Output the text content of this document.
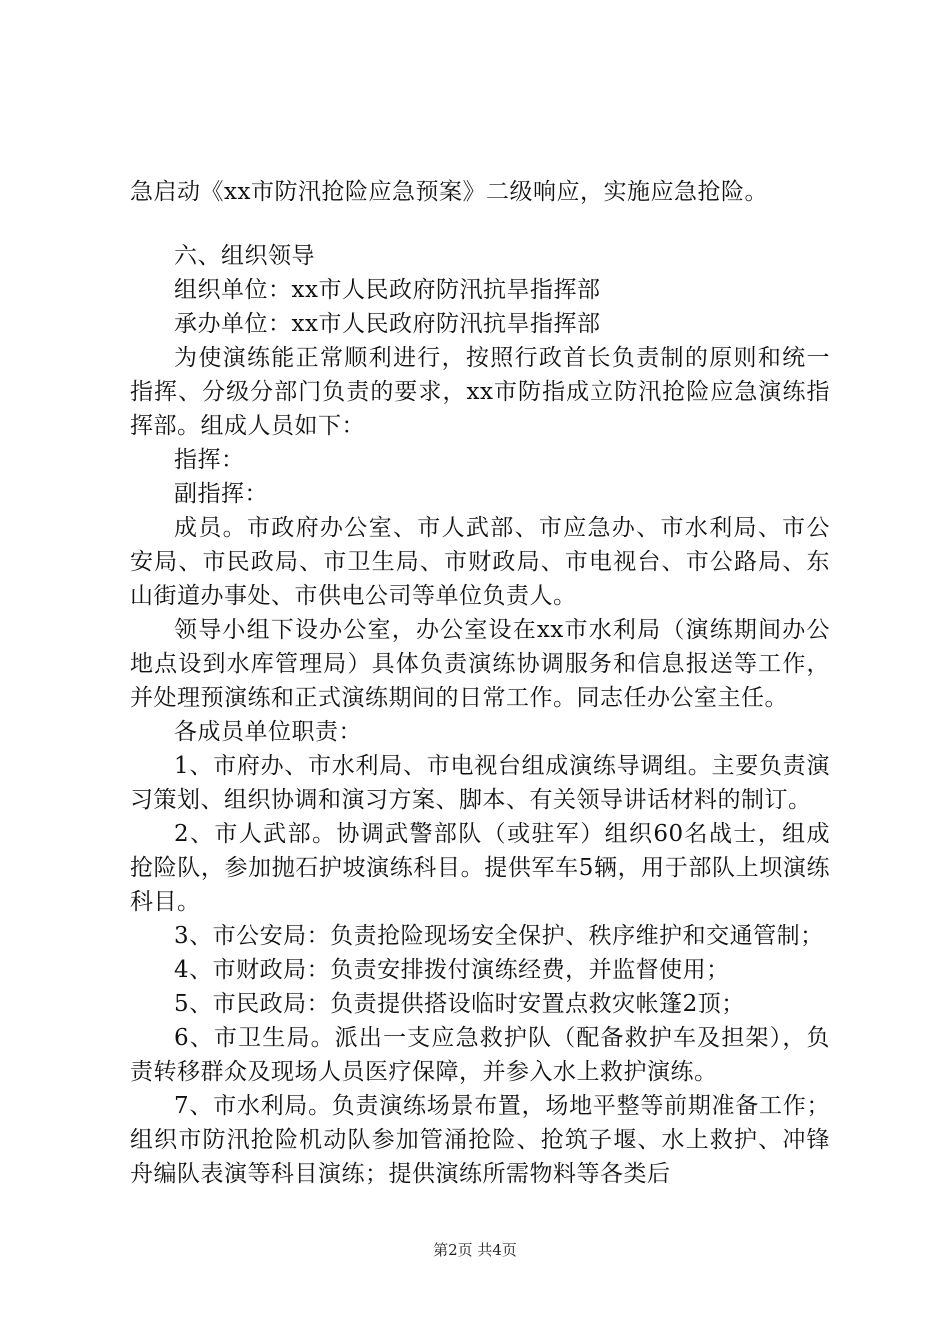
急启动《xx市防汛抢险应急预案》二级响应，实施应急抢险。

六、组织领导

组织单位：xx市人民政府防汛抗旱指挥部

承办单位：xx市人民政府防汛抗旱指挥部

为使演练能正常顺利进行，按照行政首长负责制的原则和统一指挥、分级分部门负责的要求，xx市防指成立防汛抢险应急演练指挥部。组成人员如下：

指挥：

副指挥：

成员。市政府办公室、市人武部、市应急办、市水利局、市公安局、市民政局、市卫生局、市财政局、市电视台、市公路局、东山街道办事处、市供电公司等单位负责人。

领导小组下设办公室，办公室设在xx市水利局（演练期间办公地点设到水库管理局）具体负责演练协调服务和信息报送等工作，并处理预演练和正式演练期间的日常工作。同志任办公室主任。

各成员单位职责：

1、市府办、市水利局、市电视台组成演练导调组。主要负责演习策划、组织协调和演习方案、脚本、有关领导讲话材料的制订。

2、市人武部。协调武警部队（或驻军）组织60名战士，组成抢险队，参加抛石护坡演练科目。提供军车5辆，用于部队上坝演练科目。

3、市公安局：负责抢险现场安全保护、秩序维护和交通管制；

4、市财政局：负责安排拨付演练经费，并监督使用；

5、市民政局：负责提供搭设临时安置点救灾帐篷2顶；

6、市卫生局。派出一支应急救护队（配备救护车及担架），负责转移群众及现场人员医疗保障，并参入水上救护演练。

7、市水利局。负责演练场景布置，场地平整等前期准备工作；组织市防汛抢险机动队参加管涌抢险、抢筑子堰、水上救护、冲锋舟编队表演等科目演练；提供演练所需物料等各类后

第2页 共4页
